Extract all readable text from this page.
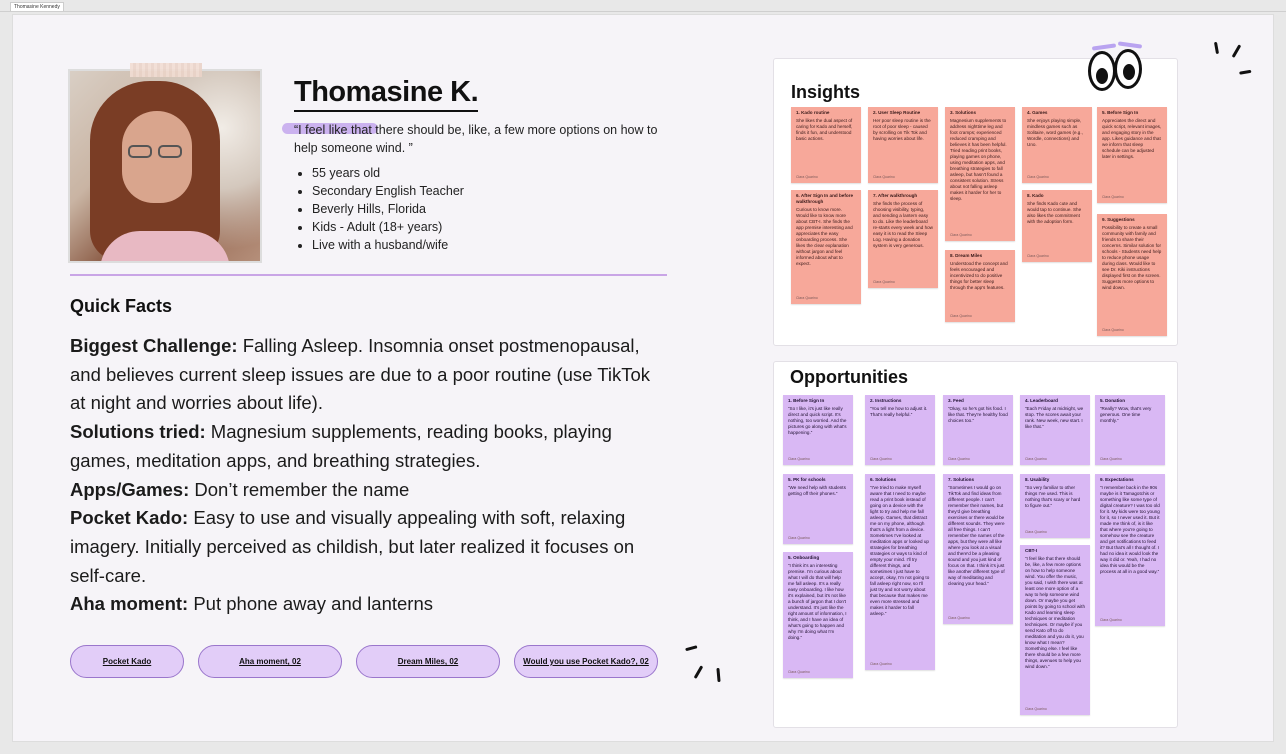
Thomasine Kennedy
Thomasine K.
“I feel like that there should be, like, a few more options on how to help someone wind. ”
• 55 years old
• Secondary English Teacher
• Beverly Hills, Florida
• Kids - Adult (18+ years)
• Live with a husband/wife
Quick Facts
Biggest Challenge: Falling Asleep. Insomnia onset postmenopausal, and believes current sleep issues are due to a poor routine (use TikTok at night and worries about life).
Solutions tried: Magnesium supplements, reading books, playing games, meditation apps, and breathing strategies.
Apps/Games: Don’t remember the name
Pocket Kado: Easy to use and visually appealing with soft, relaxing imagery. Initially perceived as childish, but later realized it focuses on self-care.
Aha moment: Put phone away and lanterns
Pocket Kado	Aha moment, 02	Dream Miles, 02	Would you use Pocket Kado?, 02
Insights
1. Kado routine
She likes the dual aspect of caring for Kado and herself, finds it fun, and understood basic actions.
Clara Quarino
2. User Sleep Routine
Her poor sleep routine is the root of poor sleep - caused by scrolling on Tik Tok and having worries about life.
Clara Quarino
3. Solutions
Magnesium supplements to address nighttime leg and foot cramps; experienced reduced cramping and believes it has been helpful. Tried reading print books, playing games on phone, using meditation apps, and breathing strategies to fall asleep, but hasn't found a consistent solution. Stress about not falling asleep makes it harder for her to sleep.
Clara Quarino
4. Games
She enjoys playing simple, mindless games such as Solitaire, word games (e.g., Wordle, connections) and Uno.
Clara Quarino
5. Before Sign In
Appreciates the direct and quick script, relevant images, and engaging story in the app. Likes guidance and that we inform that sleep schedule can be adjusted later in settings.
Clara Quarino
6. After Sign In and before walkthrough
Curious to know more. Would like to know more about CBT-I. She finds the app premise interesting and appreciates the easy onboarding process. She likes the clear explanation without jargon and feel informed about what to expect.
Clara Quarino
7. After walkthrough
She finds the process of choosing visibility, typing, and sending a lantern easy to do. Like the leaderboard re-starts every week and how easy it is to read the Sleep Log. Having a donation system is very generous.
Clara Quarino
8. Kado
She finds Kado cute and would tap to continue. She also likes the commitment with the adoption form.
Clara Quarino
8. Dream Miles
Understood the concept and feels encouraged and incentivized to do positive things for better sleep through the app's features.
Clara Quarino
9. Suggestions
Possibility to create a small community with family and friends to share their concerns. Similar solution for schools - Students need help to reduce phone usage during class. Would like to see Dr. Kiki instructions displayed first on the screen. Suggests more options to wind down.
Clara Quarino
Opportunities
1. Before Sign In
“So I like, it's just like really direct and quick script. It's nothing, too worried. And the pictures go along with what's happening.”
Clara Quarino
2. Instructions
“You tell me how to adjust it. That's really helpful.”
Clara Quarino
3. Feed
“Okay, so he's got his food. I like that. They're healthy food choices too.”
Clara Quarino
4. Leaderboard
“Each Friday at midnight, we stop. The scores await your rank. New week, new start. I like that.”
Clara Quarino
5. Donation
“Really? Wow, that's very generous. One time monthly.”
Clara Quarino
5. PK for schools
“We need help with students getting off their phones.”
Clara Quarino
6. Solutions
“I've tried to make myself aware that I need to maybe read a print book instead of going on a device with the light to try and help me fall asleep. Games, that distract me on my phone, although that's a light from a device. Sometimes I've looked at meditation apps or looked up strategies for breathing strategies or ways to kind of empty your mind. I'll try different things, and sometimes I just have to accept, okay, I'm not going to fall asleep right now, so I'll just try and not worry about that because that makes me even more stressed and makes it harder to fall asleep.”
Clara Quarino
7. Solutions
“Sometimes I would go on TikTok and find ideas from different people. I can't remember their names, but they'd give breathing exercises or there would be different sounds. They were all free things. I can't remember the names of the apps, but they were all like where you look at a visual and there'd be a pleasing sound and you just kind of focus on that. I think it's just like another different type of way of meditating and clearing your head.”
Clara Quarino
8. Usability
“So very familiar to other things I've used. This is nothing that's scary or hard to figure out.”
Clara Quarino
9. Expectations
“I remember back in the 90s maybe is it Tamagotchis or something like some type of digital creature? I was too old for it. My kids were too young for it, so I never used it. But it made me think of, is it like that where you're going to somehow see the creature and get notifications to feed it? But that's all I thought of. I had no idea it would look the way it did or. Yeah, I had no idea this would be the process at all in a good way.”
Clara Quarino
5. Onboarding
“I think it's an interesting premise. I'm curious about what I will do that will help me fall asleep. It's a really easy onboarding. I like how it's explained, but it's not like a bunch of jargon that I don't understand. It's just like the right amount of information, I think, and I have an idea of what's going to happen and why I'm doing what I'm doing.”
Clara Quarino
CBT-I
“I feel like that there should be, like, a few more options on how to help someone wind. You offer the music, you said, I wish there was at least one more option of a way to help someone wind down. Or maybe you get points by going to school with Kado and learning sleep techniques or meditation techniques. Or maybe if you send Kato off to do meditation and you do it, you know what I mean? Something else. I feel like there should be a few more things, avenues to help you wind down.”
Clara Quarino
